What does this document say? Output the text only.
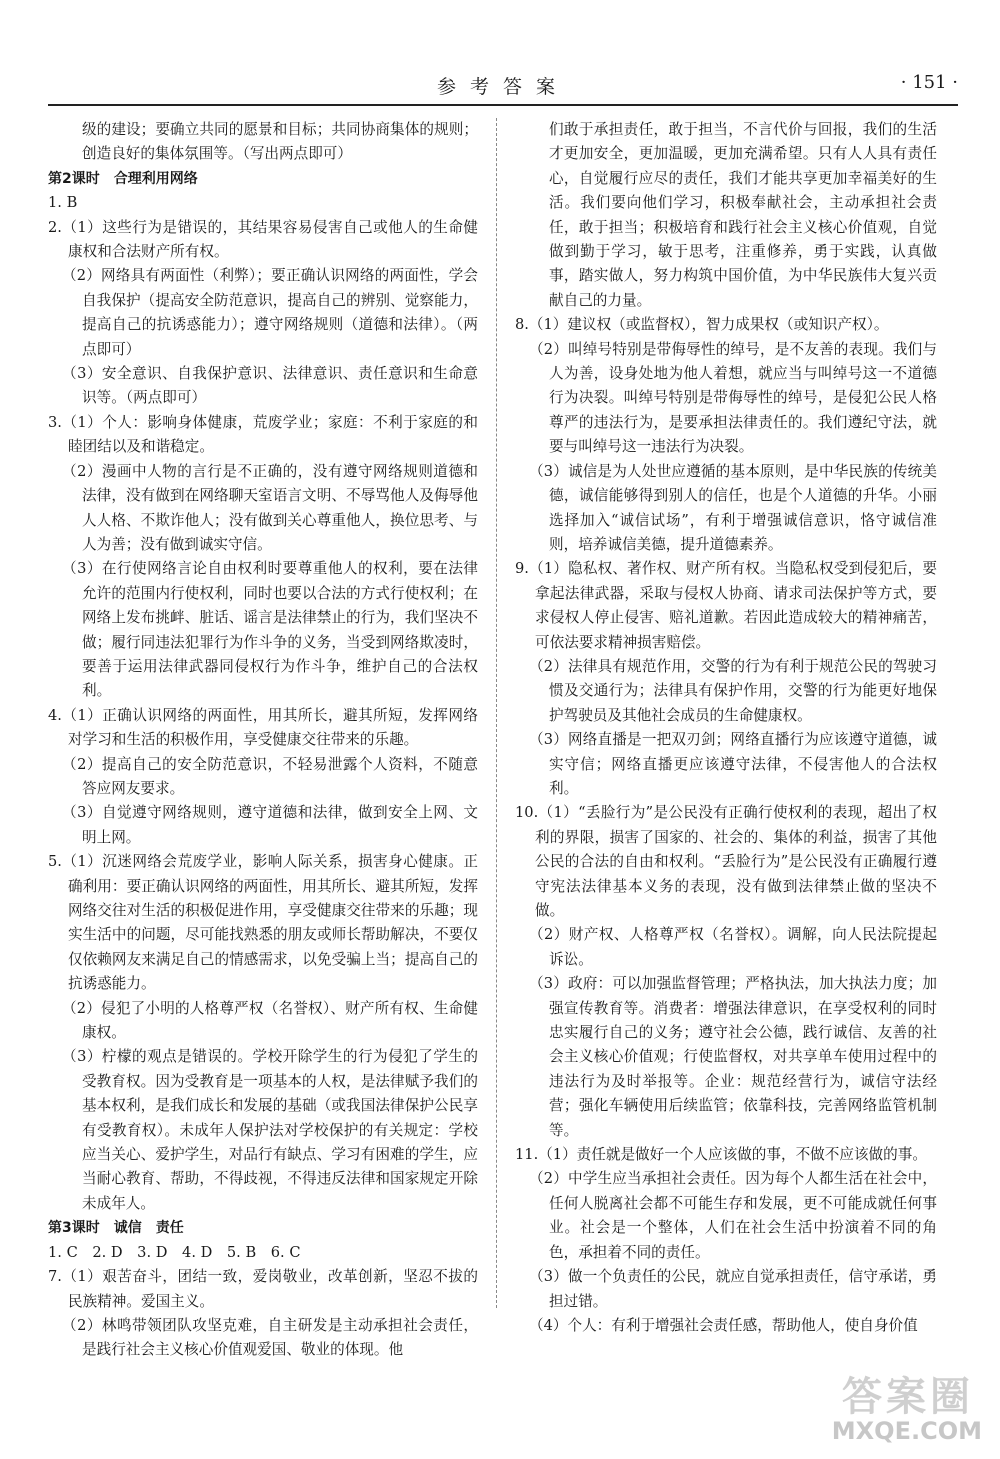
参考答案	· 151 ·

级的建设；要确立共同的愿景和目标；共同协商集体的规则；创造良好的集体氛围等。（写出两点即可）

第2课时　合理利用网络

1. B

2.（1）这些行为是错误的，其结果容易侵害自己或他人的生命健康权和合法财产所有权。

（2）网络具有两面性（利弊）；要正确认识网络的两面性，学会自我保护（提高安全防范意识，提高自己的辨别、觉察能力，提高自己的抗诱惑能力）；遵守网络规则（道德和法律）。（两点即可）

（3）安全意识、自我保护意识、法律意识、责任意识和生命意识等。（两点即可）

3.（1）个人：影响身体健康，荒废学业；家庭：不利于家庭的和睦团结以及和谐稳定。

（2）漫画中人物的言行是不正确的，没有遵守网络规则道德和法律，没有做到在网络聊天室语言文明、不辱骂他人及侮辱他人人格、不欺诈他人；没有做到关心尊重他人，换位思考、与人为善；没有做到诚实守信。

（3）在行使网络言论自由权利时要尊重他人的权利，要在法律允许的范围内行使权利，同时也要以合法的方式行使权利；在网络上发布挑衅、脏话、谣言是法律禁止的行为，我们坚决不做；履行同违法犯罪行为作斗争的义务，当受到网络欺凌时，要善于运用法律武器同侵权行为作斗争，维护自己的合法权利。

4.（1）正确认识网络的两面性，用其所长，避其所短，发挥网络对学习和生活的积极作用，享受健康交往带来的乐趣。

（2）提高自己的安全防范意识，不轻易泄露个人资料，不随意答应网友要求。

（3）自觉遵守网络规则，遵守道德和法律，做到安全上网、文明上网。

5.（1）沉迷网络会荒废学业，影响人际关系，损害身心健康。正确利用：要正确认识网络的两面性，用其所长、避其所短，发挥网络交往对生活的积极促进作用，享受健康交往带来的乐趣；现实生活中的问题，尽可能找熟悉的朋友或师长帮助解决，不要仅仅依赖网友来满足自己的情感需求，以免受骗上当；提高自己的抗诱惑能力。

（2）侵犯了小明的人格尊严权（名誉权）、财产所有权、生命健康权。

（3）柠檬的观点是错误的。学校开除学生的行为侵犯了学生的受教育权。因为受教育是一项基本的人权，是法律赋予我们的基本权利，是我们成长和发展的基础（或我国法律保护公民享有受教育权）。未成年人保护法对学校保护的有关规定：学校应当关心、爱护学生，对品行有缺点、学习有困难的学生，应当耐心教育、帮助，不得歧视，不得违反法律和国家规定开除未成年人。

第3课时　诚信　责任

1. C　2. D　3. D　4. D　5. B　6. C

7.（1）艰苦奋斗，团结一致，爱岗敬业，改革创新，坚忍不拔的民族精神。爱国主义。

（2）林鸣带领团队攻坚克难，自主研发是主动承担社会责任，是践行社会主义核心价值观爱国、敬业的体现。他

们敢于承担责任，敢于担当，不言代价与回报，我们的生活才更加安全，更加温暖，更加充满希望。只有人人具有责任心，自觉履行应尽的责任，我们才能共享更加幸福美好的生活。我们要向他们学习，积极奉献社会，主动承担社会责任，敢于担当；积极培育和践行社会主义核心价值观，自觉做到勤于学习，敏于思考，注重修养，勇于实践，认真做事，踏实做人，努力构筑中国价值，为中华民族伟大复兴贡献自己的力量。

8.（1）建议权（或监督权），智力成果权（或知识产权）。

（2）叫绰号特别是带侮辱性的绰号，是不友善的表现。我们与人为善，设身处地为他人着想，就应当与叫绰号这一不道德行为决裂。叫绰号特别是带侮辱性的绰号，是侵犯公民人格尊严的违法行为，是要承担法律责任的。我们遵纪守法，就要与叫绰号这一违法行为决裂。

（3）诚信是为人处世应遵循的基本原则，是中华民族的传统美德，诚信能够得到别人的信任，也是个人道德的升华。小丽选择加入“诚信试场”，有利于增强诚信意识，恪守诚信准则，培养诚信美德，提升道德素养。

9.（1）隐私权、著作权、财产所有权。当隐私权受到侵犯后，要拿起法律武器，采取与侵权人协商、请求司法保护等方式，要求侵权人停止侵害、赔礼道歉。若因此造成较大的精神痛苦，可依法要求精神损害赔偿。

（2）法律具有规范作用，交警的行为有利于规范公民的驾驶习惯及交通行为；法律具有保护作用，交警的行为能更好地保护驾驶员及其他社会成员的生命健康权。

（3）网络直播是一把双刃剑；网络直播行为应该遵守道德，诚实守信；网络直播更应该遵守法律，不侵害他人的合法权利。

10.（1）“丢脸行为”是公民没有正确行使权利的表现，超出了权利的界限，损害了国家的、社会的、集体的利益，损害了其他公民的合法的自由和权利。“丢脸行为”是公民没有正确履行遵守宪法法律基本义务的表现，没有做到法律禁止做的坚决不做。

（2）财产权、人格尊严权（名誉权）。调解，向人民法院提起诉讼。

（3）政府：可以加强监督管理；严格执法，加大执法力度；加强宣传教育等。消费者：增强法律意识，在享受权利的同时忠实履行自己的义务；遵守社会公德，践行诚信、友善的社会主义核心价值观；行使监督权，对共享单车使用过程中的违法行为及时举报等。企业：规范经营行为，诚信守法经营；强化车辆使用后续监管；依靠科技，完善网络监管机制等。

11.（1）责任就是做好一个人应该做的事，不做不应该做的事。

（2）中学生应当承担社会责任。因为每个人都生活在社会中，任何人脱离社会都不可能生存和发展，更不可能成就任何事业。社会是一个整体，人们在社会生活中扮演着不同的角色，承担着不同的责任。

（3）做一个负责任的公民，就应自觉承担责任，信守承诺，勇担过错。

（4）个人：有利于增强社会责任感，帮助他人，使自身价值

答案圈
MXQE.COM
